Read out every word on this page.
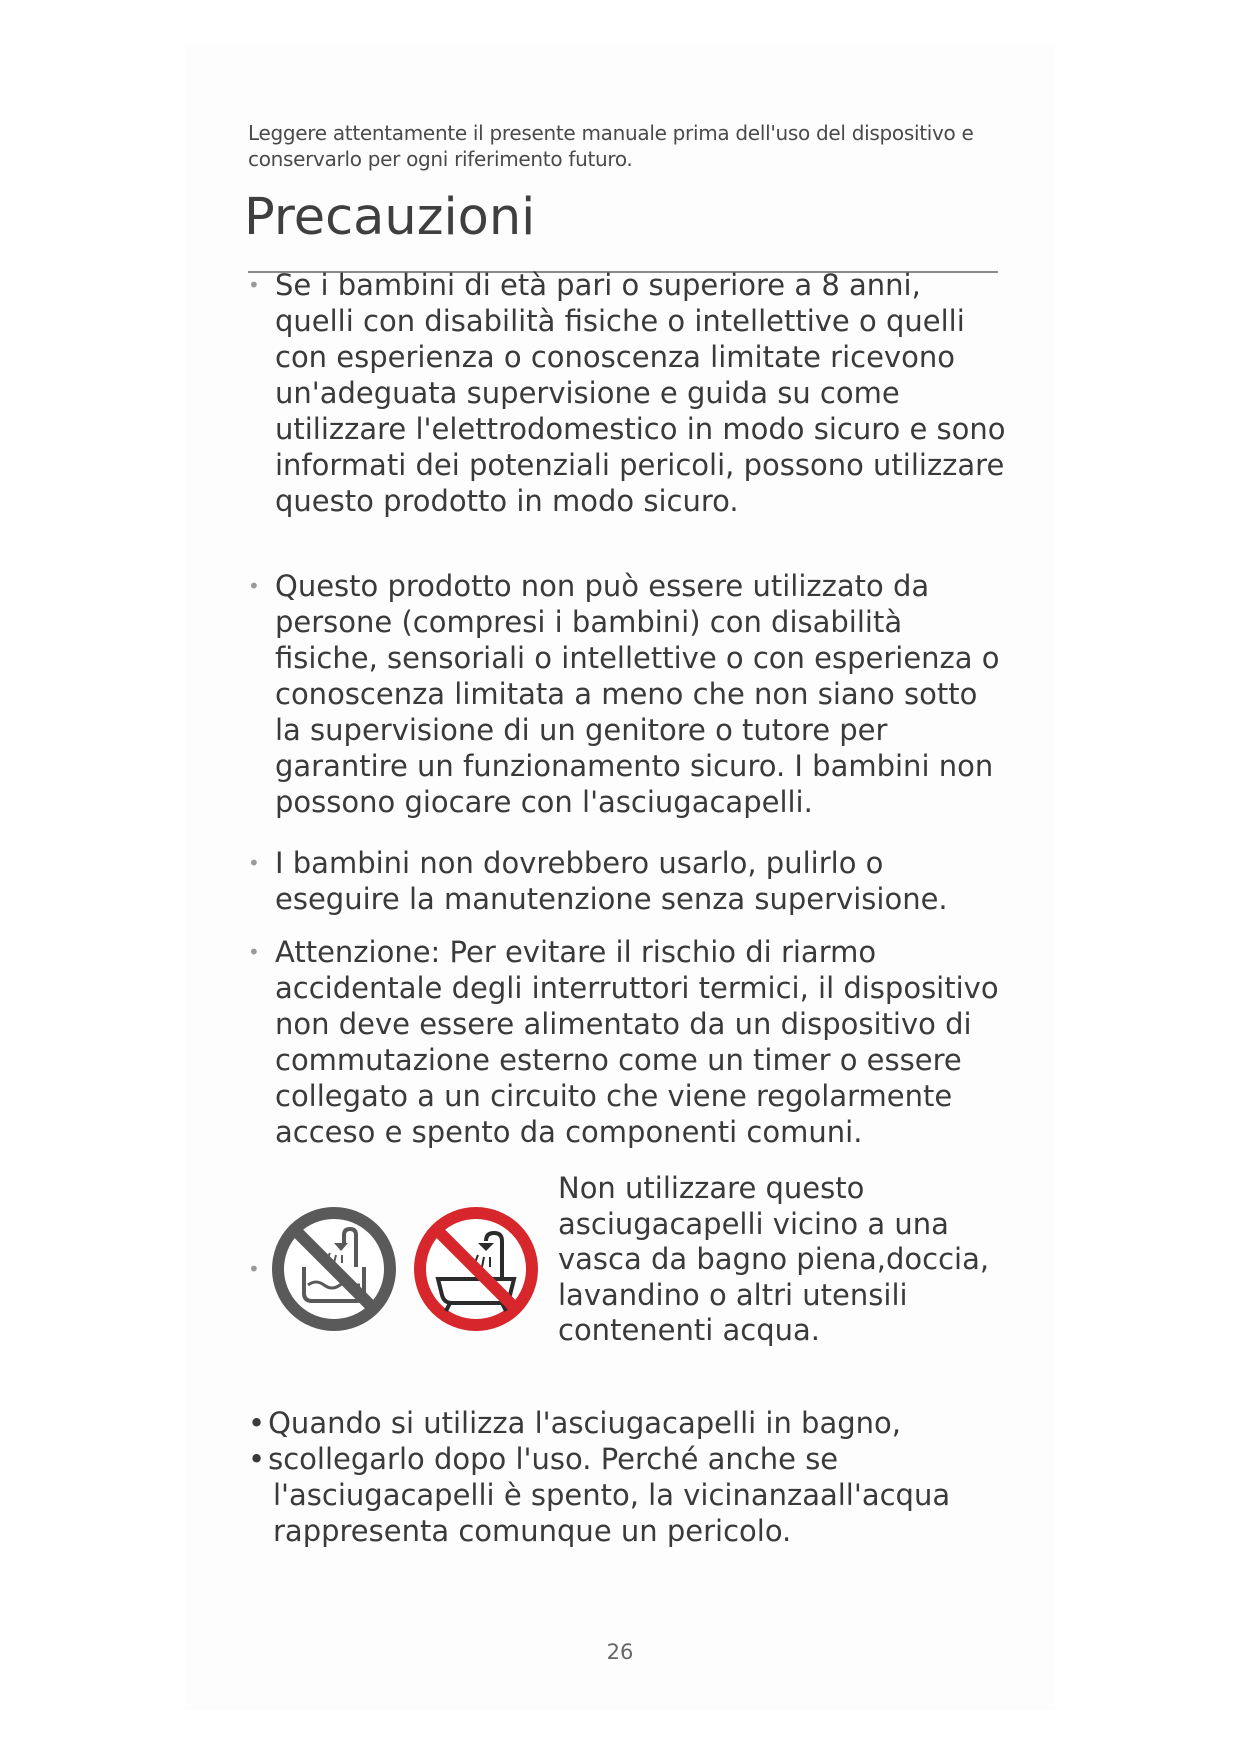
Leggere attentamente il presente manuale prima dell'uso del dispositivo e conservarlo per ogni riferimento futuro.
Precauzioni
• Se i bambini di età pari o superiore a 8 anni, quelli con disabilità fisiche o intellettive o quelli con esperienza o conoscenza limitate ricevono un'adeguata supervisione e guida su come utilizzare l'elettrodomestico in modo sicuro e sono informati dei potenziali pericoli, possono utilizzare questo prodotto in modo sicuro.
• Questo prodotto non può essere utilizzato da persone (compresi i bambini) con disabilità fisiche, sensoriali o intellettive o con esperienza o conoscenza limitata a meno che non siano sotto la supervisione di un genitore o tutore per garantire un funzionamento sicuro. I bambini non possono giocare con l'asciugacapelli.
• I bambini non dovrebbero usarlo, pulirlo o eseguire la manutenzione senza supervisione.
• Attenzione: Per evitare il rischio di riarmo accidentale degli interruttori termici, il dispositivo non deve essere alimentato da un dispositivo di commutazione esterno come un timer o essere collegato a un circuito che viene regolarmente acceso e spento da componenti comuni.
•
Non utilizzare questo asciugacapelli vicino a una vasca da bagno piena,doccia, lavandino o altri utensili contenenti acqua.
• Quando si utilizza l'asciugacapelli in bagno,
• scollegarlo dopo l'uso. Perché anche se
l'asciugacapelli è spento, la vicinanzaall'acqua rappresenta comunque un pericolo.
26
